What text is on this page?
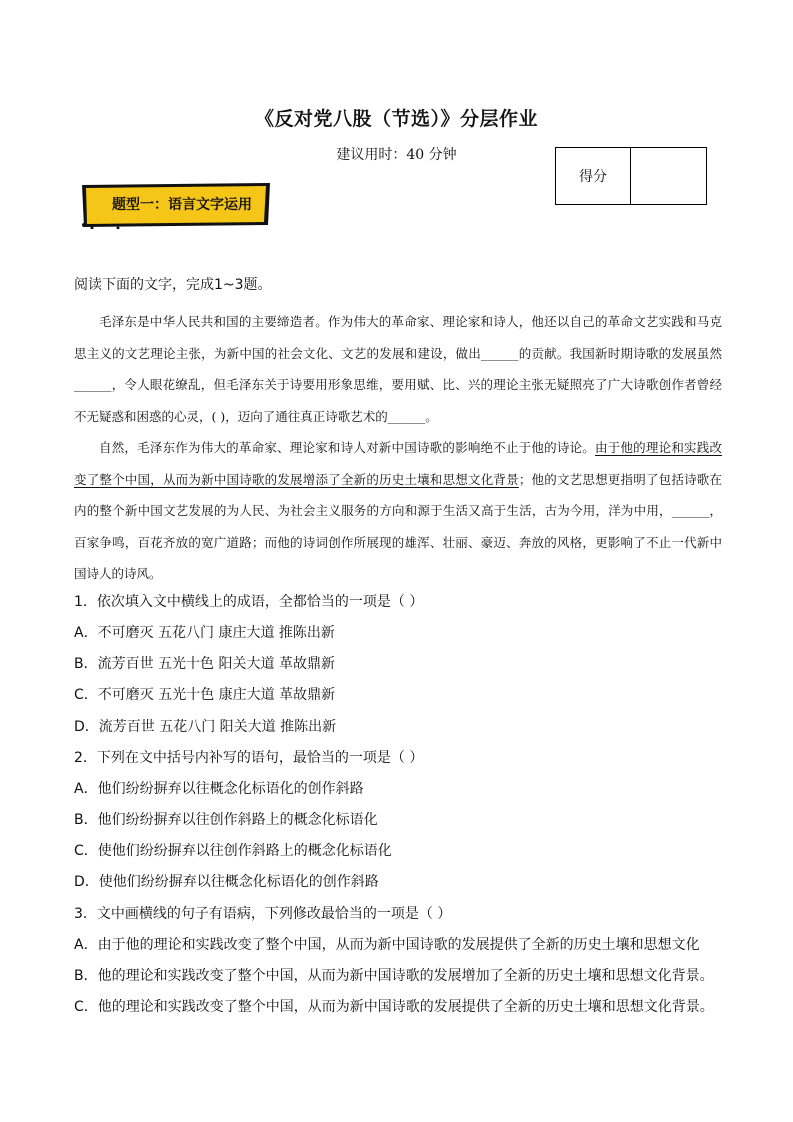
《反对党八股（节选）》分层作业
建议用时：40 分钟
得分
题型一：语言文字运用
阅读下面的文字，完成1~3题。
毛泽东是中华人民共和国的主要缔造者。作为伟大的革命家、理论家和诗人，他还以自己的革命文艺实践和马克思主义的文艺理论主张，为新中国的社会文化、文艺的发展和建设，做出______的贡献。我国新时期诗歌的发展虽然______，令人眼花缭乱，但毛泽东关于诗要用形象思维，要用赋、比、兴的理论主张无疑照亮了广大诗歌创作者曾经不无疑惑和困惑的心灵，( )，迈向了通往真正诗歌艺术的______。
自然，毛泽东作为伟大的革命家、理论家和诗人对新中国诗歌的影响绝不止于他的诗论。由于他的理论和实践改变了整个中国，从而为新中国诗歌的发展增添了全新的历史土壤和思想文化背景；他的文艺思想更指明了包括诗歌在内的整个新中国文艺发展的为人民、为社会主义服务的方向和源于生活又高于生活，古为今用，洋为中用，______，百家争鸣，百花齐放的宽广道路；而他的诗词创作所展现的雄浑、壮丽、豪迈、奔放的风格，更影响了不止一代新中国诗人的诗风。
1．依次填入文中横线上的成语，全都恰当的一项是（ ）
A．不可磨灭 五花八门 康庄大道 推陈出新
B．流芳百世 五光十色 阳关大道 革故鼎新
C．不可磨灭 五光十色 康庄大道 革故鼎新
D．流芳百世 五花八门 阳关大道 推陈出新
2．下列在文中括号内补写的语句，最恰当的一项是（ ）
A．他们纷纷摒弃以往概念化标语化的创作斜路
B．他们纷纷摒弃以往创作斜路上的概念化标语化
C．使他们纷纷摒弃以往创作斜路上的概念化标语化
D．使他们纷纷摒弃以往概念化标语化的创作斜路
3．文中画横线的句子有语病，下列修改最恰当的一项是（ ）
A．由于他的理论和实践改变了整个中国，从而为新中国诗歌的发展提供了全新的历史土壤和思想文化
B．他的理论和实践改变了整个中国，从而为新中国诗歌的发展增加了全新的历史土壤和思想文化背景。
C．他的理论和实践改变了整个中国，从而为新中国诗歌的发展提供了全新的历史土壤和思想文化背景。
